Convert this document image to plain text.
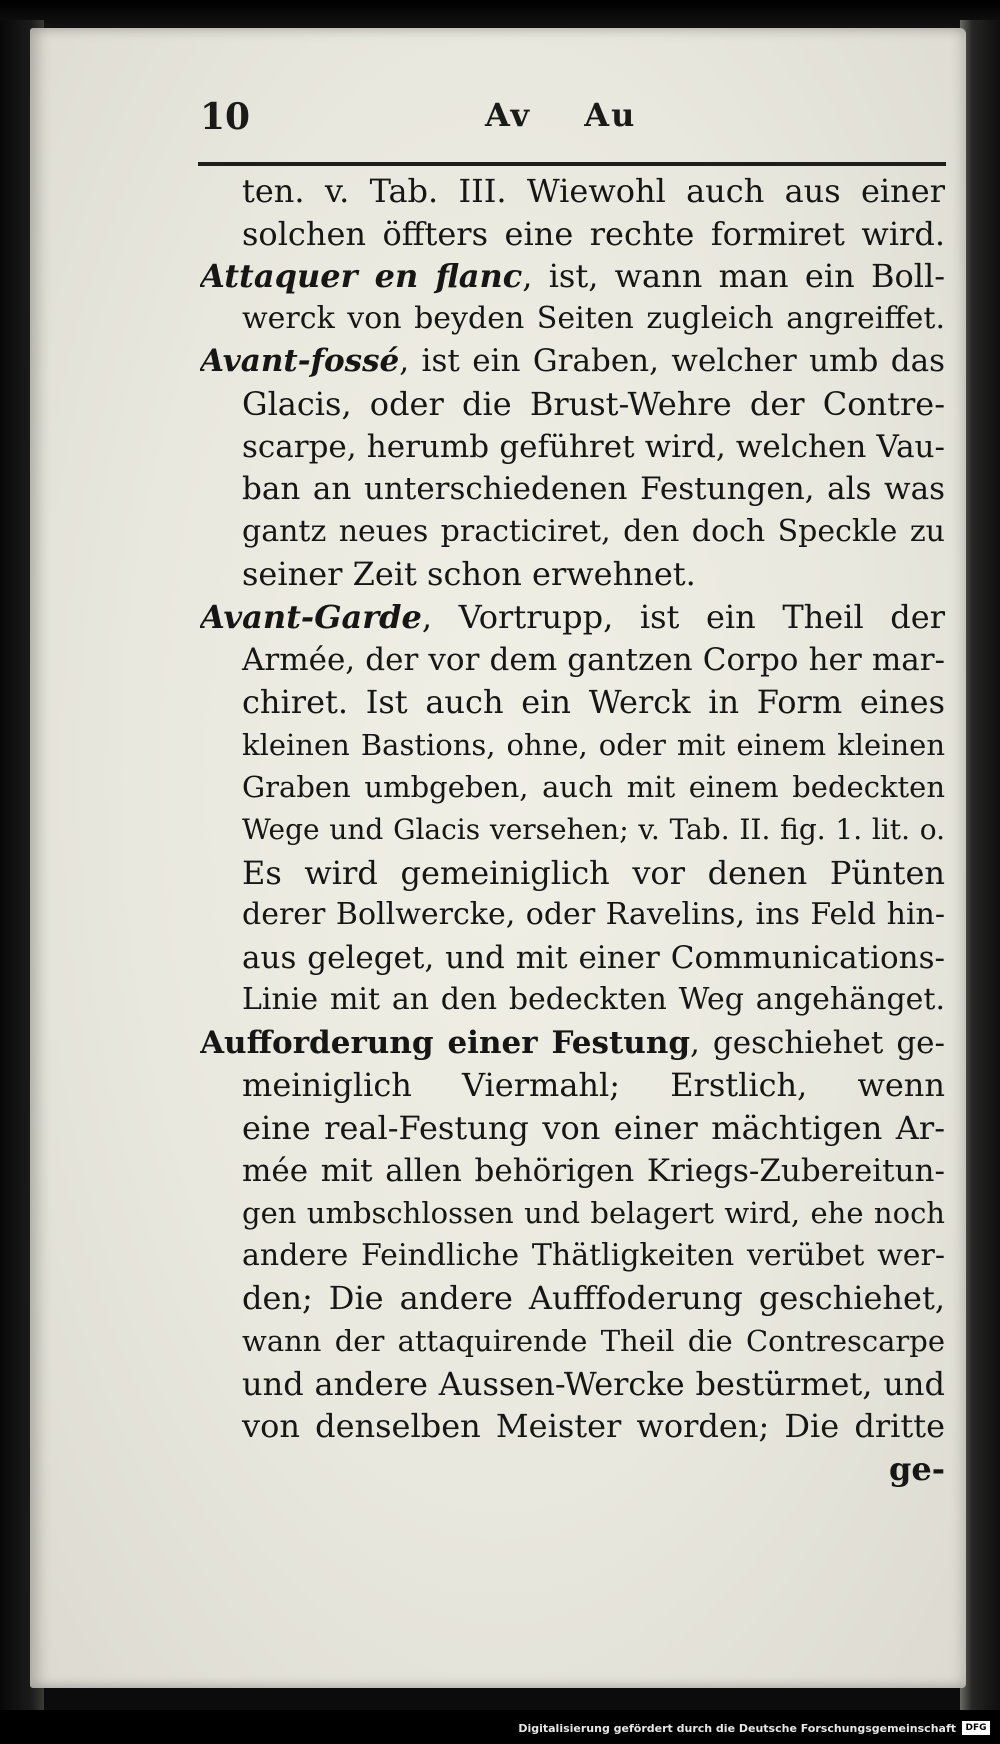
10	Av Au
ten. v. Tab. III. Wiewohl auch aus einer
solchen öffters eine rechte formiret wird.
Attaquer en flanc, ist, wann man ein Boll-
werck von beyden Seiten zugleich angreiffet.
Avant-fossé, ist ein Graben, welcher umb das
Glacis, oder die Brust-Wehre der Contre-
scarpe, herumb geführet wird, welchen Vau-
ban an unterschiedenen Festungen, als was
gantz neues practiciret, den doch Speckle zu
seiner Zeit schon erwehnet.
Avant-Garde, Vortrupp, ist ein Theil der
Armée, der vor dem gantzen Corpo her mar-
chiret. Ist auch ein Werck in Form eines
kleinen Bastions, ohne, oder mit einem kleinen
Graben umbgeben, auch mit einem bedeckten
Wege und Glacis versehen; v. Tab. II. fig. 1. lit. o.
Es wird gemeiniglich vor denen Pünten
derer Bollwercke, oder Ravelins, ins Feld hin-
aus geleget, und mit einer Communications-
Linie mit an den bedeckten Weg angehänget.
Aufforderung einer Festung, geschiehet ge-
meiniglich Viermahl; Erstlich, wenn
eine real-Festung von einer mächtigen Ar-
mée mit allen behörigen Kriegs-Zubereitun-
gen umbschlossen und belagert wird, ehe noch
andere Feindliche Thätligkeiten verübet wer-
den; Die andere Aufffoderung geschiehet,
wann der attaquirende Theil die Contrescarpe
und andere Aussen-Wercke bestürmet, und
von denselben Meister worden; Die dritte
ge-
Digitalisierung gefördert durch die Deutsche Forschungsgemeinschaft	DFG
